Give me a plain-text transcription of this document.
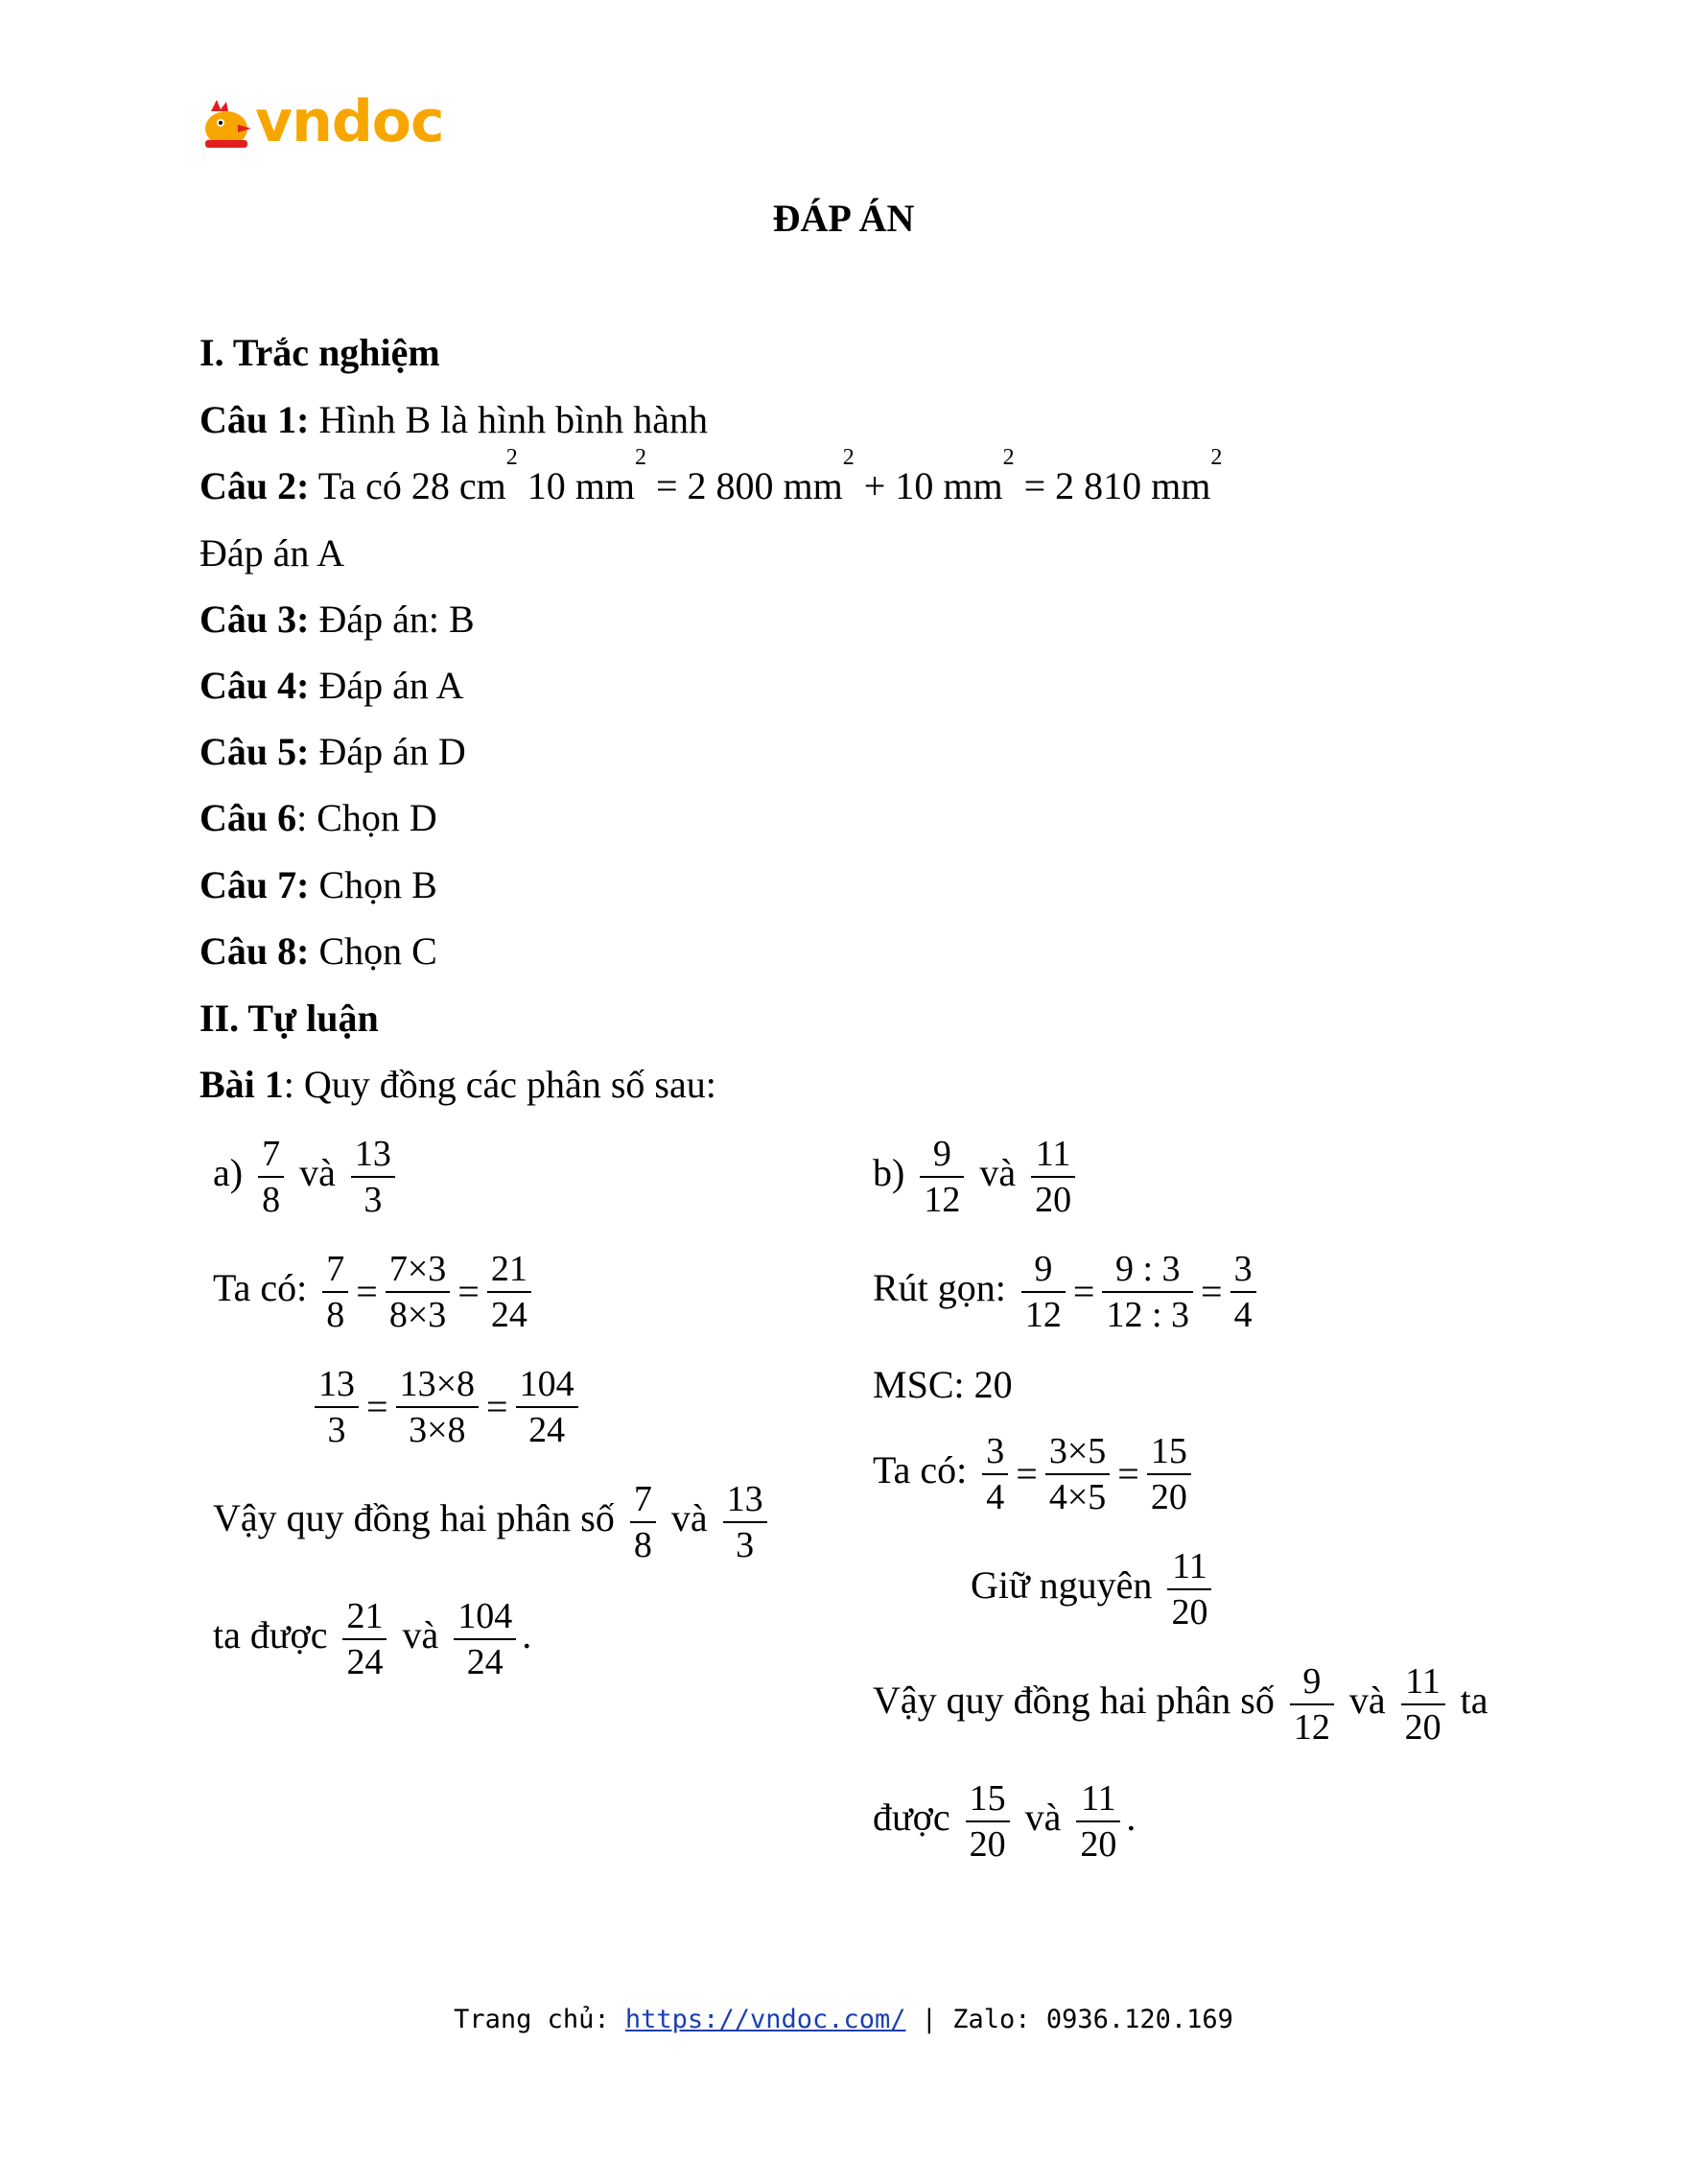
vndoc
ĐÁP ÁN
I. Trắc nghiệm
Câu 1: Hình B là hình bình hành
Câu 2: Ta có 28 $cm^2$ 10 $mm^2 = 2$ 800 $mm^2 + 10$ $mm^2 = 2$ 810 $mm^2$
Đáp án A
Câu 3: Đáp án: B
Câu 4: Đáp án A
Câu 5: Đáp án D
Câu 6: Chọn D
Câu 7: Chọn B
Câu 8: Chọn C
II. Tự luận
Bài 1: Quy đồng các phân số sau:
$a) \frac{7}{8}$ và $\frac{13}{3}$
Ta có: $\frac{7}{8} = \frac{7\times 3}{8\times 3} = \frac{21}{24}$
$\frac{13}{3} = \frac{13\times 8}{3\times 8} = \frac{104}{24}$
Vậy quy đồng hai phân số $\frac{7}{8}$ và $\frac{13}{3}$
ta được $\frac{21}{24}$ và $\frac{104}{24}$ .
$b) \frac{9}{12}$ và $\frac{11}{20}$
Rút gọn: $\frac{9}{12} = \frac{9 : 3}{12 : 3} = \frac{3}{4}$
MSC: 20
Ta có: $\frac{3}{4} = \frac{3\times 5}{4\times 5} = \frac{15}{20}$
Giữ nguyên $\frac{11}{20}$
Vậy quy đồng hai phân số $\frac{9}{12}$ và $\frac{11}{20}$ ta
được $\frac{15}{20}$ và $\frac{11}{20}$ .
Trang chủ: https://vndoc.com/ | Zalo: 0936.120.169
